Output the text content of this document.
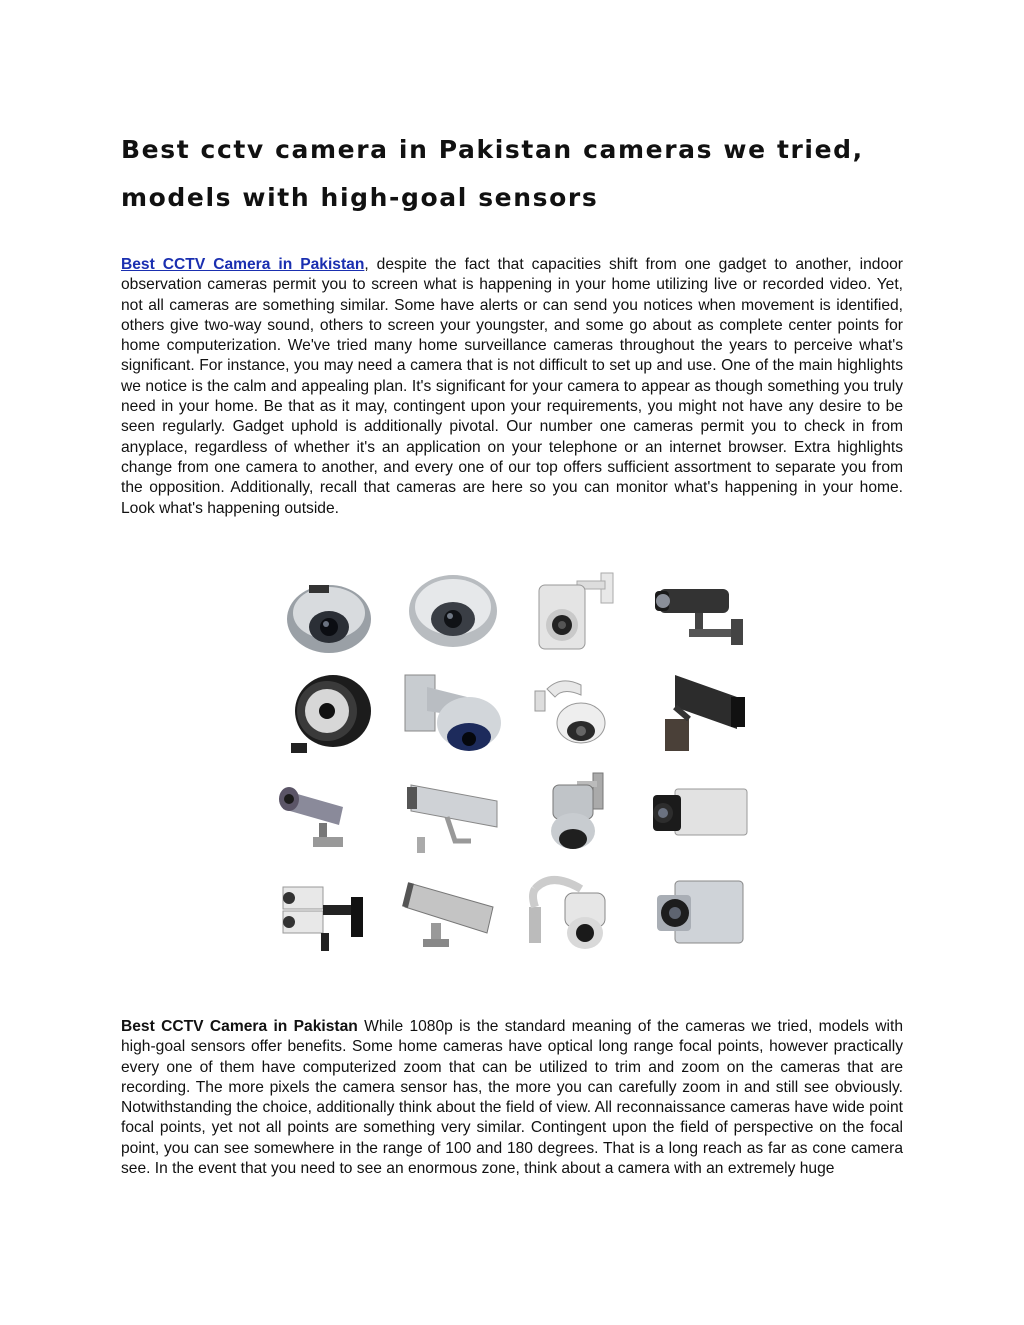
Best cctv camera in Pakistan cameras we tried, models with high-goal sensors

Best CCTV Camera in Pakistan, despite the fact that capacities shift from one gadget to another, indoor observation cameras permit you to screen what is happening in your home utilizing live or recorded video. Yet, not all cameras are something similar. Some have alerts or can send you notices when movement is identified, others give two-way sound, others to screen your youngster, and some go about as complete center points for home computerization. We've tried many home surveillance cameras throughout the years to perceive what's significant. For instance, you may need a camera that is not difficult to set up and use. One of the main highlights we notice is the calm and appealing plan. It's significant for your camera to appear as though something you truly need in your home. Be that as it may, contingent upon your requirements, you might not have any desire to be seen regularly. Gadget uphold is additionally pivotal. Our number one cameras permit you to check in from anyplace, regardless of whether it's an application on your telephone or an internet browser. Extra highlights change from one camera to another, and every one of our top offers sufficient assortment to separate you from the opposition. Additionally, recall that cameras are here so you can monitor what's happening in your home. Look what's happening outside.

Best CCTV Camera in Pakistan While 1080p is the standard meaning of the cameras we tried, models with high-goal sensors offer benefits. Some home cameras have optical long range focal points, however practically every one of them have computerized zoom that can be utilized to trim and zoom on the cameras that are recording. The more pixels the camera sensor has, the more you can carefully zoom in and still see obviously. Notwithstanding the choice, additionally think about the field of view. All reconnaissance cameras have wide point focal points, yet not all points are something very similar. Contingent upon the field of perspective on the focal point, you can see somewhere in the range of 100 and 180 degrees. That is a long reach as far as cone camera see. In the event that you need to see an enormous zone, think about a camera with an extremely huge
